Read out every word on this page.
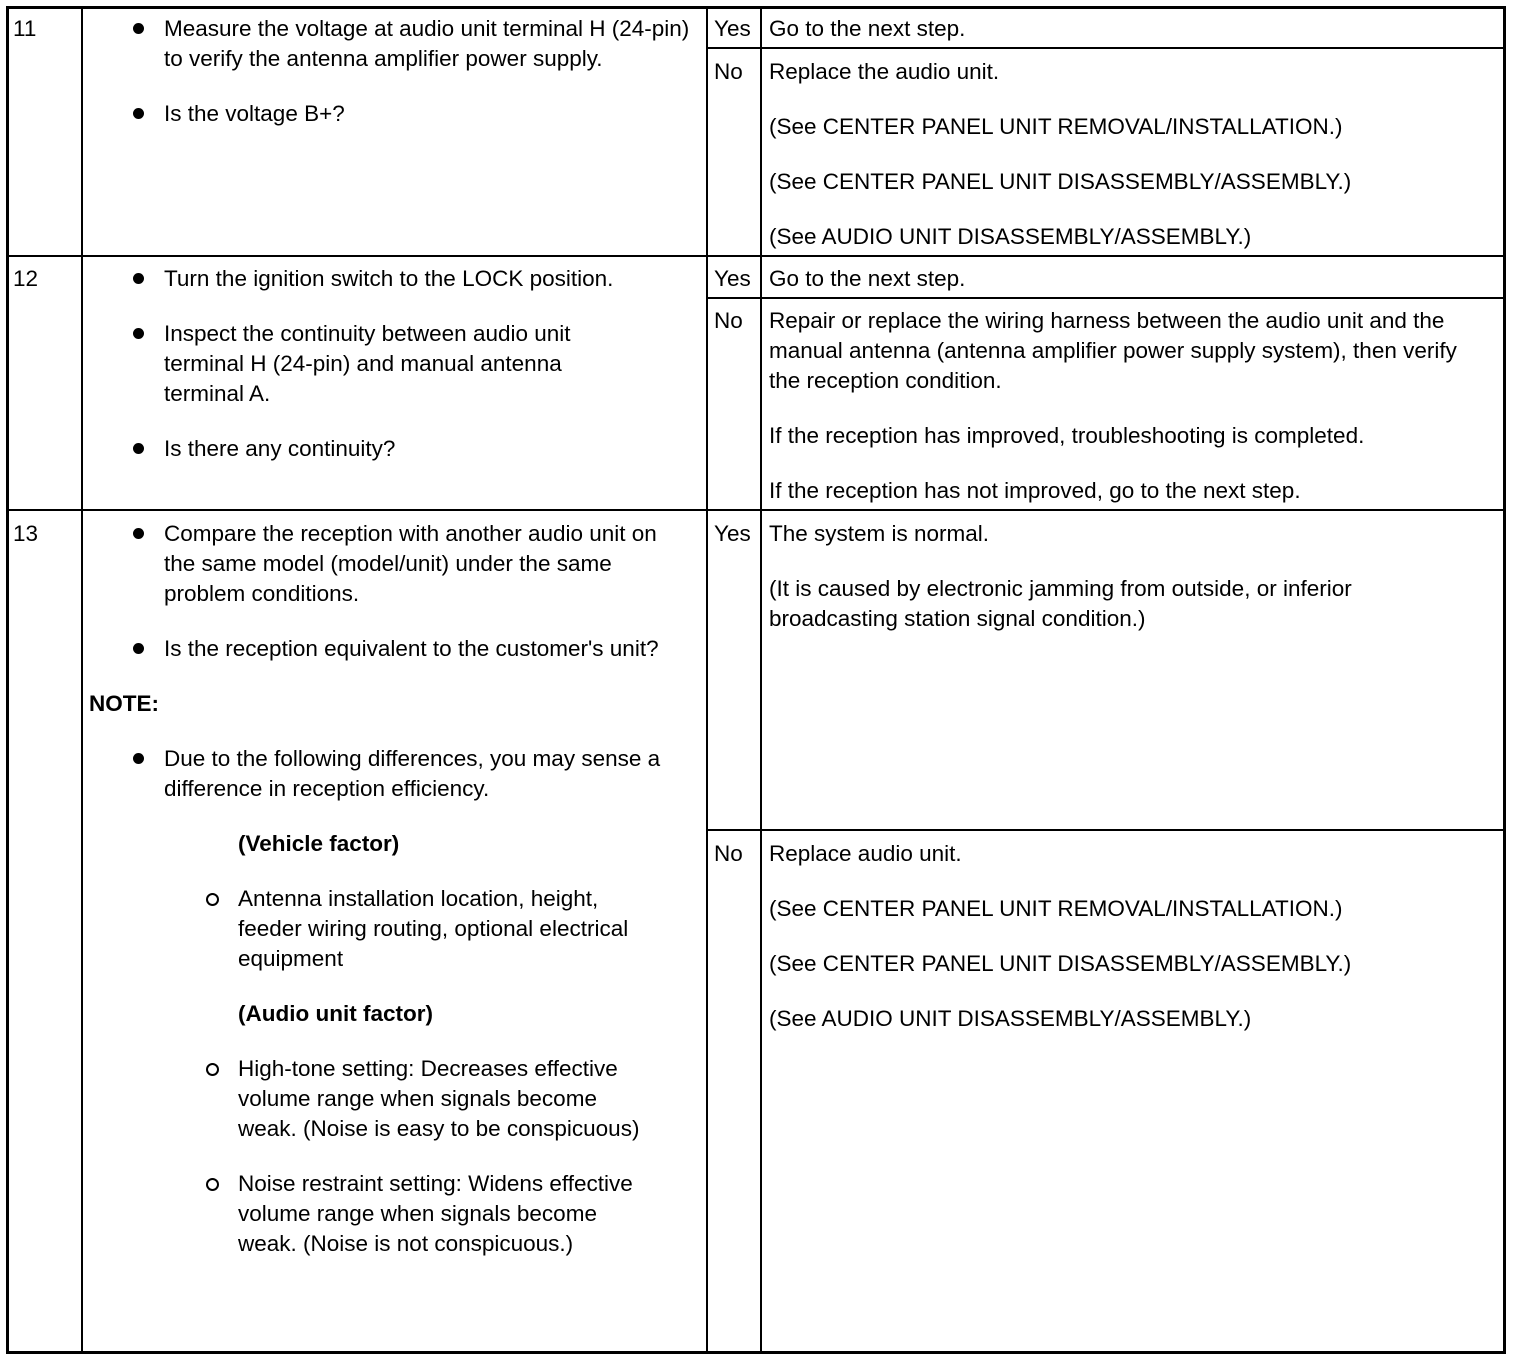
11	Measure the voltage at audio unit terminal H (24-pin) to verify the antenna amplifier power supply.
Is the voltage B+?
Yes Go to the next step.

No Replace the audio unit.

(See CENTER PANEL UNIT REMOVAL/INSTALLATION.)

(See CENTER PANEL UNIT DISASSEMBLY/ASSEMBLY.)

(See AUDIO UNIT DISASSEMBLY/ASSEMBLY.)

12	Turn the ignition switch to the LOCK position.
Inspect the continuity between audio unit terminal H (24-pin) and manual antenna terminal A.
Is there any continuity?
Yes Go to the next step.

No Repair or replace the wiring harness between the audio unit and the manual antenna (antenna amplifier power supply system), then verify the reception condition.

If the reception has improved, troubleshooting is completed.

If the reception has not improved, go to the next step.

13	Compare the reception with another audio unit on the same model (model/unit) under the same problem conditions.
Is the reception equivalent to the customer's unit?
NOTE:
Due to the following differences, you may sense a difference in reception efficiency.
(Vehicle factor)
Antenna installation location, height, feeder wiring routing, optional electrical equipment
(Audio unit factor)
High-tone setting: Decreases effective volume range when signals become weak. (Noise is easy to be conspicuous)
Noise restraint setting: Widens effective volume range when signals become weak. (Noise is not conspicuous.)
Yes The system is normal.

(It is caused by electronic jamming from outside, or inferior broadcasting station signal condition.)

No Replace audio unit.

(See CENTER PANEL UNIT REMOVAL/INSTALLATION.)

(See CENTER PANEL UNIT DISASSEMBLY/ASSEMBLY.)

(See AUDIO UNIT DISASSEMBLY/ASSEMBLY.)
